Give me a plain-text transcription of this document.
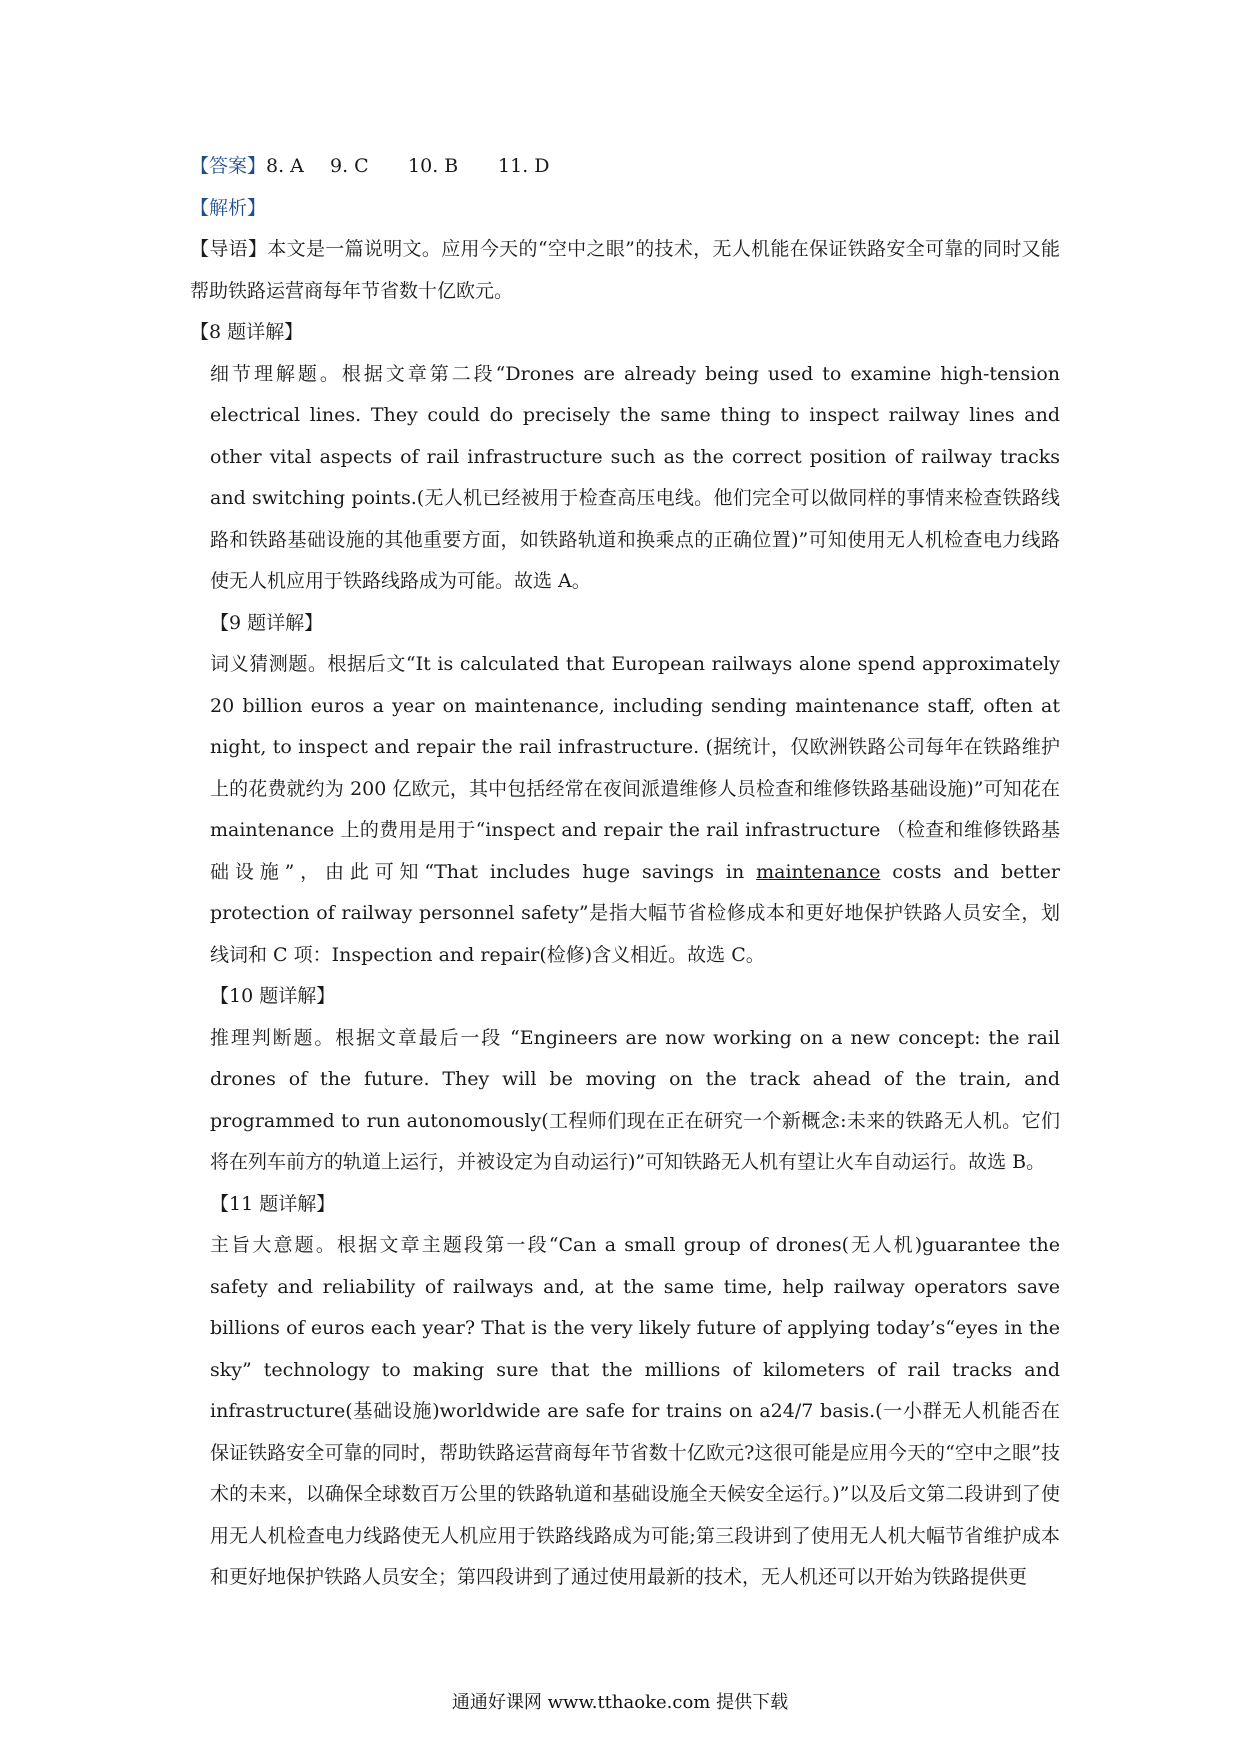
【答案】8. A 9. C 10. B 11. D
【解析】

【导语】本文是一篇说明文。应用今天的“空中之眼”的技术，无人机能在保证铁路安全可靠的同时又能帮助铁路运营商每年节省数十亿欧元。

【8 题详解】

细节理解题。根据文章第二段“Drones are already being used to examine high-tension electrical lines. They could do precisely the same thing to inspect railway lines and other vital aspects of rail infrastructure such as the correct position of railway tracks and switching points.(无人机已经被用于检查高压电线。他们完全可以做同样的事情来检查铁路线路和铁路基础设施的其他重要方面，如铁路轨道和换乘点的正确位置)”可知使用无人机检查电力线路使无人机应用于铁路线路成为可能。故选 A。

【9 题详解】

词义猜测题。根据后文“It is calculated that European railways alone spend approximately 20 billion euros a year on maintenance, including sending maintenance staff, often at night, to inspect and repair the rail infrastructure. (据统计，仅欧洲铁路公司每年在铁路维护上的花费就约为 200 亿欧元，其中包括经常在夜间派遣维修人员检查和维修铁路基础设施)”可知花在 maintenance 上的费用是用于“inspect and repair the rail infrastructure （检查和维修铁路基础设施”，由此可知“That includes huge savings in maintenance costs and better protection of railway personnel safety”是指大幅节省检修成本和更好地保护铁路人员安全，划线词和 C 项：Inspection and repair(检修)含义相近。故选 C。

【10 题详解】

推理判断题。根据文章最后一段 “Engineers are now working on a new concept: the rail drones of the future. They will be moving on the track ahead of the train, and programmed to run autonomously(工程师们现在正在研究一个新概念:未来的铁路无人机。它们将在列车前方的轨道上运行，并被设定为自动运行)”可知铁路无人机有望让火车自动运行。故选 B。

【11 题详解】

主旨大意题。根据文章主题段第一段“Can a small group of drones(无人机)guarantee the safety and reliability of railways and, at the same time, help railway operators save billions of euros each year? That is the very likely future of applying today’s“eyes in the sky” technology to making sure that the millions of kilometers of rail tracks and infrastructure(基础设施)worldwide are safe for trains on a24/7 basis.(一小群无人机能否在保证铁路安全可靠的同时，帮助铁路运营商每年节省数十亿欧元?这很可能是应用今天的“空中之眼”技术的未来，以确保全球数百万公里的铁路轨道和基础设施全天候安全运行。)”以及后文第二段讲到了使用无人机检查电力线路使无人机应用于铁路线路成为可能;第三段讲到了使用无人机大幅节省维护成本和更好地保护铁路人员安全；第四段讲到了通过使用最新的技术，无人机还可以开始为铁路提供更

通通好课网 www.tthaoke.com 提供下载
